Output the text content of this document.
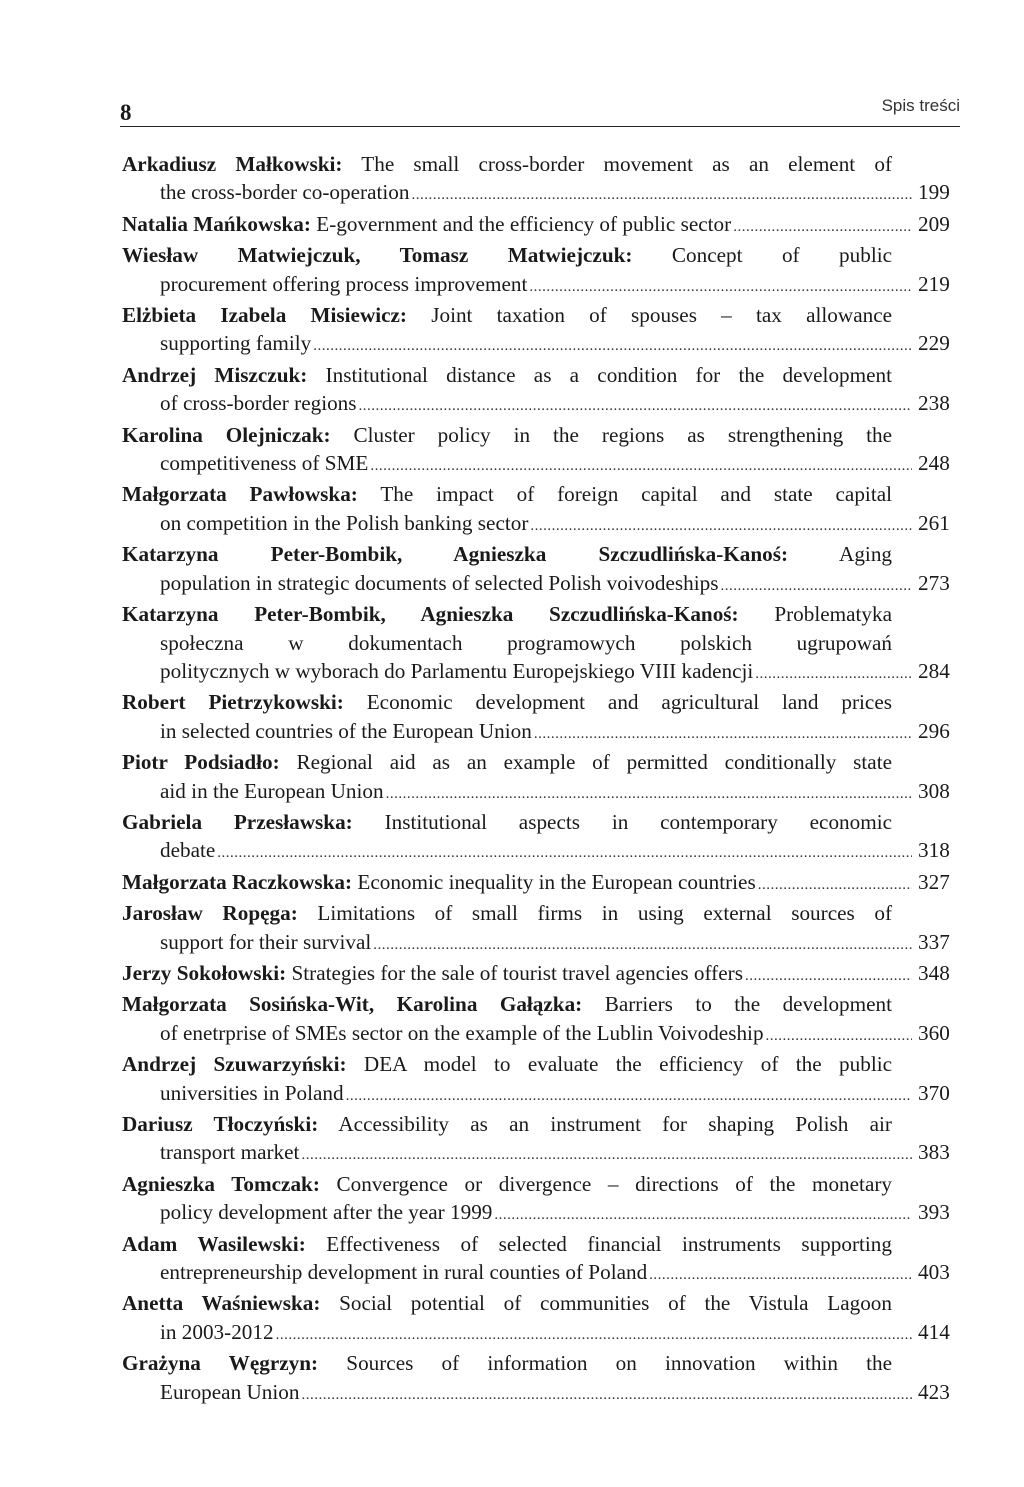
8	Spis treści
Arkadiusz Małkowski: The small cross-border movement as an element of
the cross-border co-operation .....	199
Natalia Mańkowska:
E-government and the efficiency of public sector .....	209
Wiesław Matwiejczuk, Tomasz Matwiejczuk: Concept of public
procurement offering process improvement .....	219
Elżbieta Izabela Misiewicz: Joint taxation of spouses – tax allowance
supporting family .....	229
Andrzej Miszczuk: Institutional distance as a condition for the development
of cross-border regions .....	238
Karolina Olejniczak: Cluster policy in the regions as strengthening the
competitiveness of SME .....	248
Małgorzata Pawłowska: The impact of foreign capital and state capital
on competition in the Polish banking sector .....	261
Katarzyna Peter-Bombik, Agnieszka Szczudlińska-Kanoś: Aging
population in strategic documents of selected Polish voivodeships .....	273
Katarzyna Peter-Bombik, Agnieszka Szczudlińska-Kanoś: Problematyka
społeczna w dokumentach programowych polskich ugrupowań
politycznych w wyborach do Parlamentu Europejskiego VIII kadencji .....	284
Robert Pietrzykowski: Economic development and agricultural land prices
in selected countries of the European Union .....	296
Piotr Podsiadło: Regional aid as an example of permitted conditionally state
aid in the European Union .....	308
Gabriela Przesławska: Institutional aspects in contemporary economic
debate .....	318
Małgorzata Raczkowska:
Economic inequality in the European countries .....	327
Jarosław Ropęga: Limitations of small firms in using external sources of
support for their survival .....	337
Jerzy Sokołowski:
Strategies for the sale of tourist travel agencies offers .....	348
Małgorzata Sosińska-Wit, Karolina Gałązka: Barriers to the development
of enetrprise of SMEs sector on the example of the Lublin Voivodeship .....	360
Andrzej Szuwarzyński: DEA model to evaluate the efficiency of the public
universities in Poland .....	370
Dariusz Tłoczyński: Accessibility as an instrument for shaping Polish air
transport market .....	383
Agnieszka Tomczak: Convergence or divergence – directions of the monetary
policy development after the year 1999 .....	393
Adam Wasilewski: Effectiveness of selected financial instruments supporting
entrepreneurship development in rural counties of Poland .....	403
Anetta Waśniewska: Social potential of communities of the Vistula Lagoon
in 2003-2012 .....	414
Grażyna Węgrzyn: Sources of information on innovation within the
European Union .....	423
